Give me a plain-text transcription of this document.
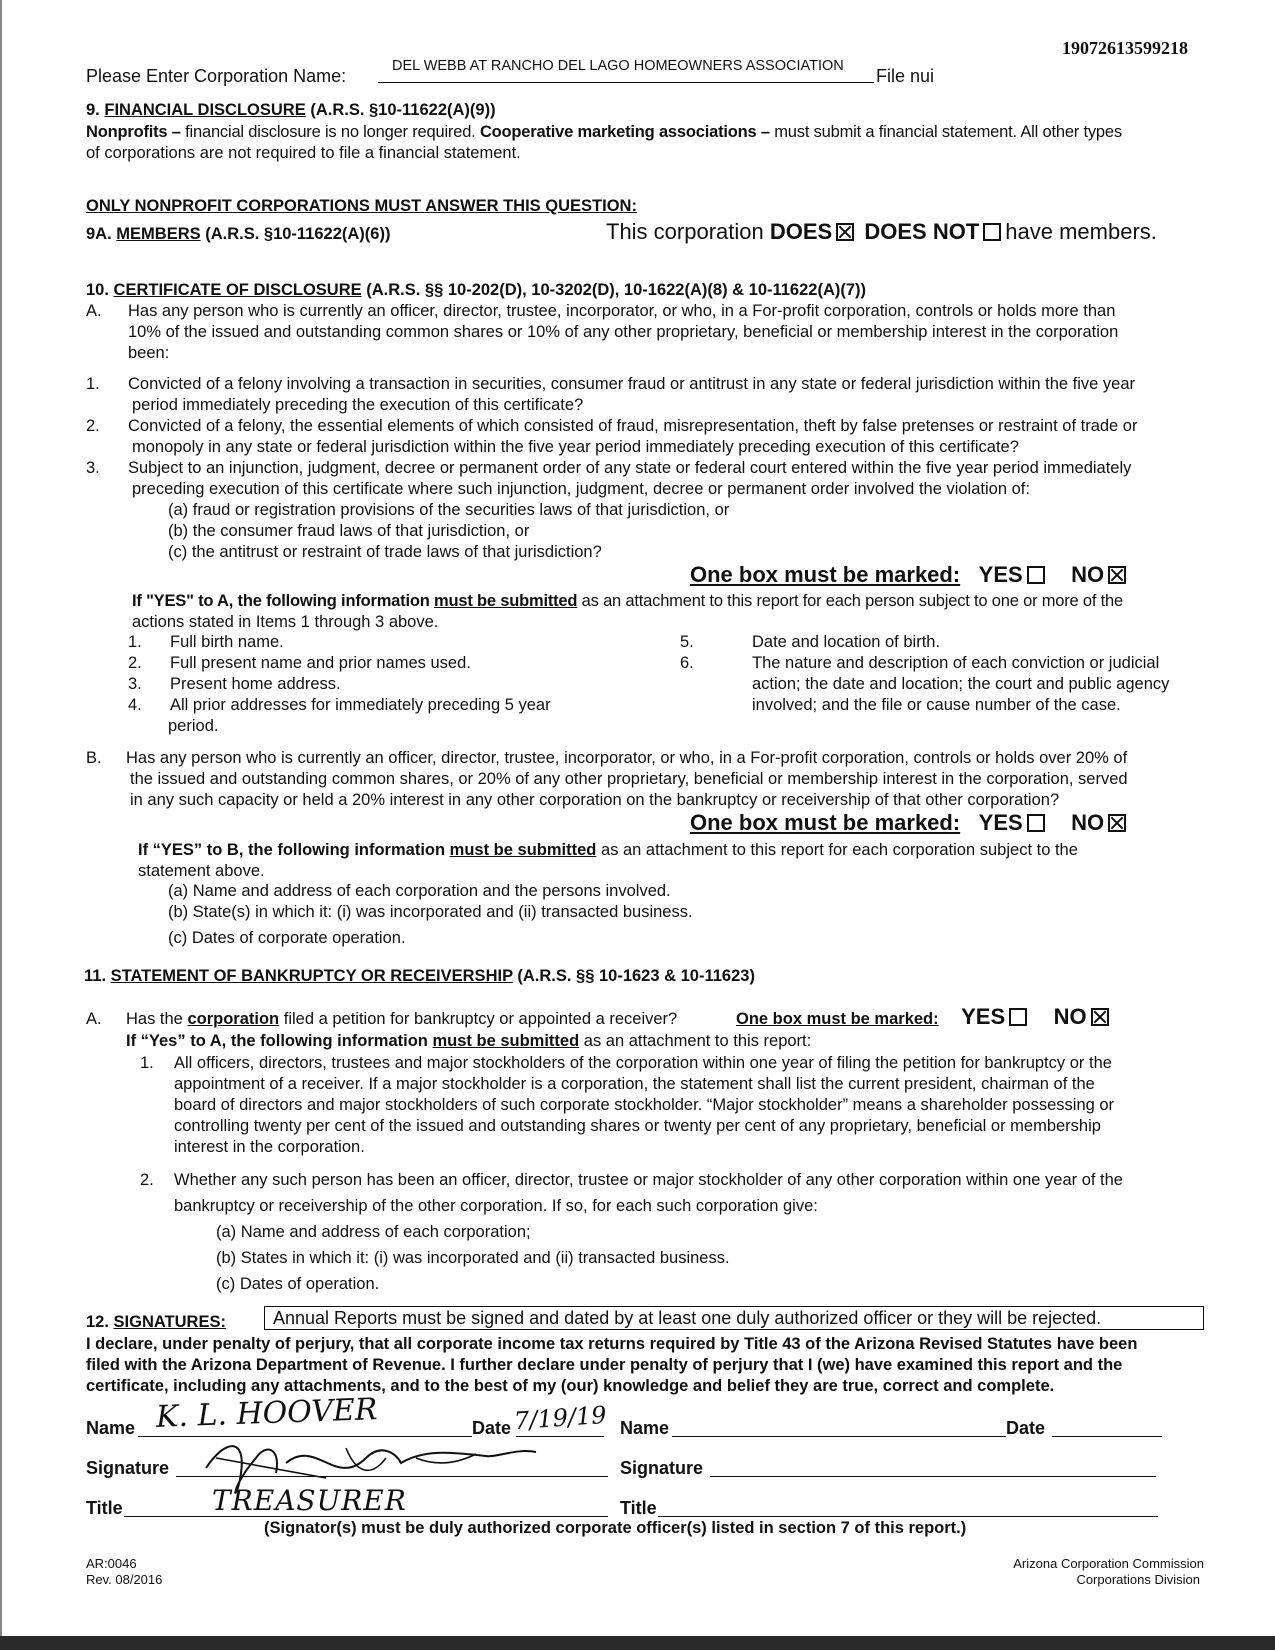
19072613599218
Please Enter Corporation Name:	DEL WEBB AT RANCHO DEL LAGO HOMEOWNERS ASSOCIATION File nui
9. FINANCIAL DISCLOSURE (A.R.S. §10-11622(A)(9))
Nonprofits – financial disclosure is no longer required. Cooperative marketing associations – must submit a financial statement. All other types
of corporations are not required to file a financial statement.
ONLY NONPROFIT CORPORATIONS MUST ANSWER THIS QUESTION:
9A. MEMBERS (A.R.S. §10-11622(A)(6))	This corporation DOES DOES NOT have members.
10. CERTIFICATE OF DISCLOSURE (A.R.S. §§ 10-202(D), 10-3202(D), 10-1622(A)(8) & 10-11622(A)(7))
A. Has any person who is currently an officer, director, trustee, incorporator, or who, in a For-profit corporation, controls or holds more than
10% of the issued and outstanding common shares or 10% of any other proprietary, beneficial or membership interest in the corporation
been:
1. Convicted of a felony involving a transaction in securities, consumer fraud or antitrust in any state or federal jurisdiction within the five year
period immediately preceding the execution of this certificate?
2. Convicted of a felony, the essential elements of which consisted of fraud, misrepresentation, theft by false pretenses or restraint of trade or
monopoly in any state or federal jurisdiction within the five year period immediately preceding execution of this certificate?
3. Subject to an injunction, judgment, decree or permanent order of any state or federal court entered within the five year period immediately
preceding execution of this certificate where such injunction, judgment, decree or permanent order involved the violation of:
(a) fraud or registration provisions of the securities laws of that jurisdiction, or
(b) the consumer fraud laws of that jurisdiction, or
(c) the antitrust or restraint of trade laws of that jurisdiction?
One box must be marked: YES NO
If "YES" to A, the following information must be submitted as an attachment to this report for each person subject to one or more of the
actions stated in Items 1 through 3 above.
1. Full birth name.
2. Full present name and prior names used.
3. Present home address.
4. All prior addresses for immediately preceding 5 year
period.
5.	Date and location of birth.
6.	The nature and description of each conviction or judicial
action; the date and location; the court and public agency
involved; and the file or cause number of the case.
B. Has any person who is currently an officer, director, trustee, incorporator, or who, in a For-profit corporation, controls or holds over 20% of
the issued and outstanding common shares, or 20% of any other proprietary, beneficial or membership interest in the corporation, served
in any such capacity or held a 20% interest in any other corporation on the bankruptcy or receivership of that other corporation?
One box must be marked: YES NO
If “YES” to B, the following information must be submitted as an attachment to this report for each corporation subject to the
statement above.
(a) Name and address of each corporation and the persons involved.
(b) State(s) in which it: (i) was incorporated and (ii) transacted business.
(c) Dates of corporate operation.
11. STATEMENT OF BANKRUPTCY OR RECEIVERSHIP (A.R.S. §§ 10-1623 & 10-11623)
A. Has the corporation filed a petition for bankruptcy or appointed a receiver?	One box must be marked: YES NO
If “Yes” to A, the following information must be submitted as an attachment to this report:
1. All officers, directors, trustees and major stockholders of the corporation within one year of filing the petition for bankruptcy or the
appointment of a receiver. If a major stockholder is a corporation, the statement shall list the current president, chairman of the
board of directors and major stockholders of such corporate stockholder. “Major stockholder” means a shareholder possessing or
controlling twenty per cent of the issued and outstanding shares or twenty per cent of any proprietary, beneficial or membership
interest in the corporation.
2. Whether any such person has been an officer, director, trustee or major stockholder of any other corporation within one year of the
bankruptcy or receivership of the other corporation. If so, for each such corporation give:
(a) Name and address of each corporation;
(b) States in which it: (i) was incorporated and (ii) transacted business.
(c) Dates of operation.
12. SIGNATURES:	Annual Reports must be signed and dated by at least one duly authorized officer or they will be rejected.
I declare, under penalty of perjury, that all corporate income tax returns required by Title 43 of the Arizona Revised Statutes have been
filed with the Arizona Department of Revenue. I further declare under penalty of perjury that I (we) have examined this report and the
certificate, including any attachments, and to the best of my (our) knowledge and belief they are true, correct and complete.
Name K. L. HOOVER	Date 7/19/19
Signature
Title	TREASURER
Name	Date
Signature
Title
(Signator(s) must be duly authorized corporate officer(s) listed in section 7 of this report.)
AR:0046
Rev. 08/2016
Arizona Corporation Commission
Corporations Division
